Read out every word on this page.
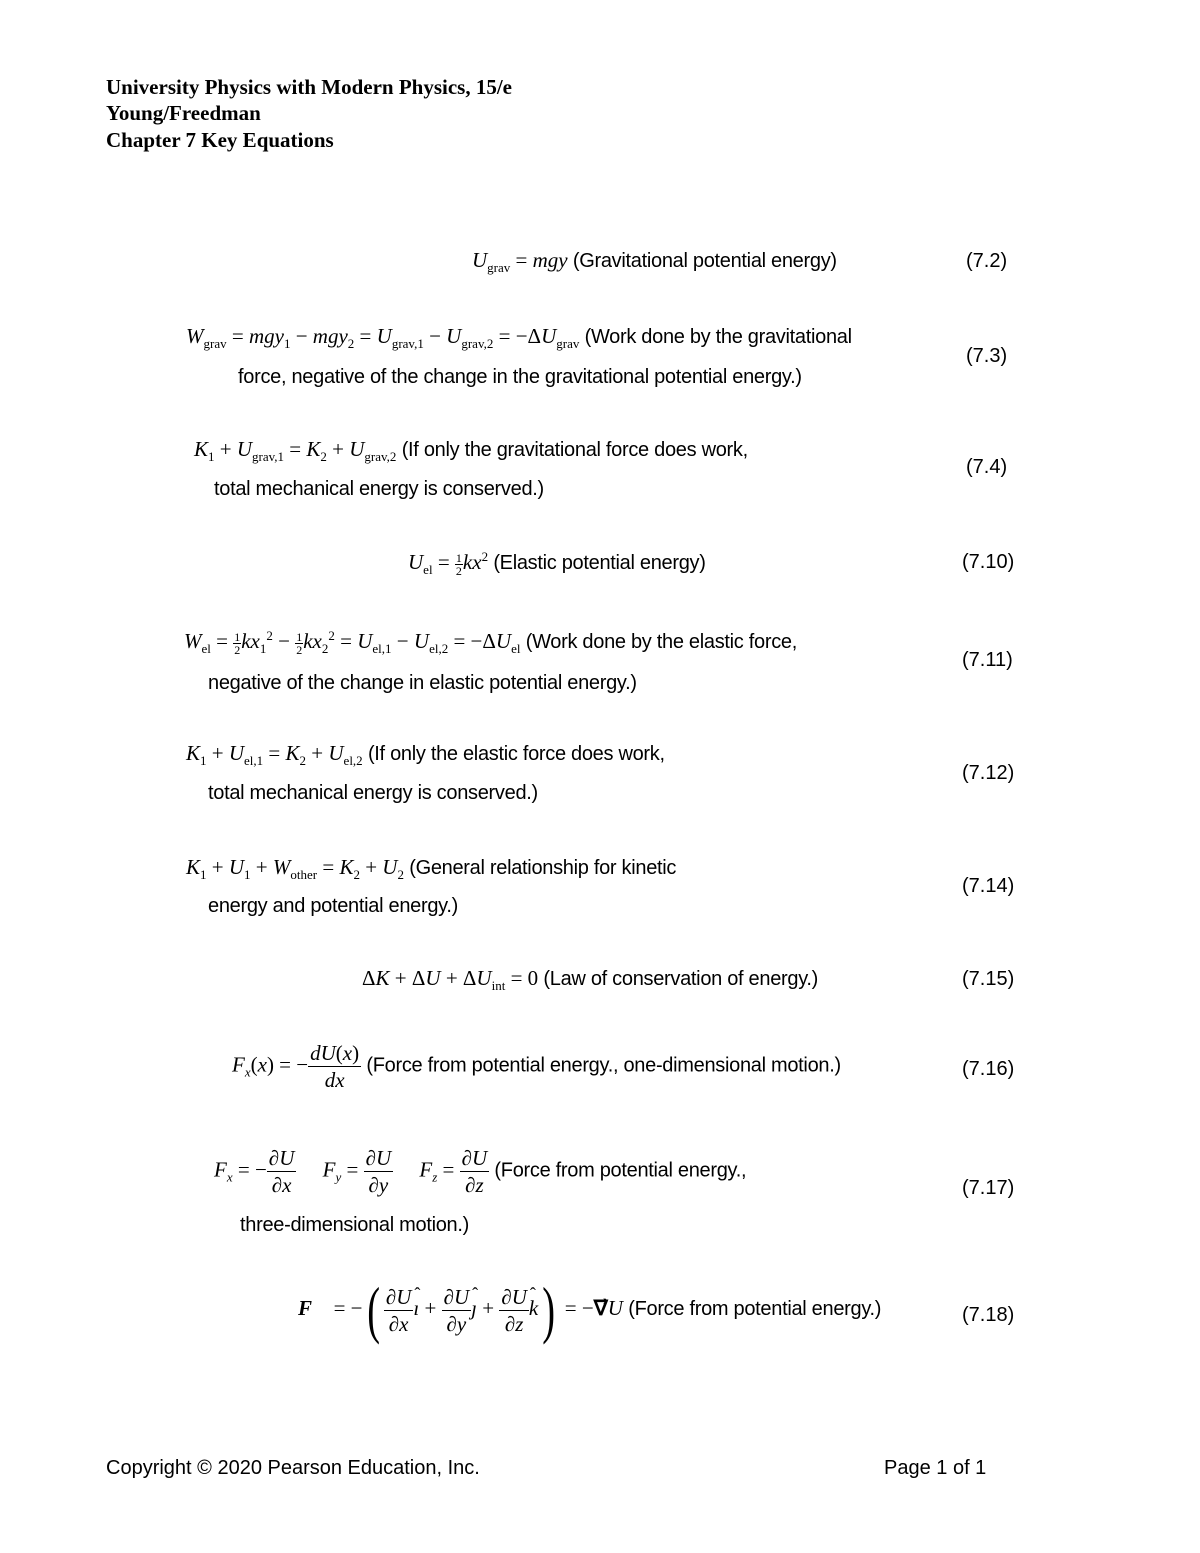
University Physics with Modern Physics, 15/e
Young/Freedman
Chapter 7 Key Equations
$U_{grav}$ = mgy (Gravitational potential energy)	(7.2)
$W_{grav} = mgy_1 - mgy_2 = U_{grav,1} - U_{grav,2} = -\Delta U_{grav}$ (Work done by the gravitational
force, negative of the change in the gravitational potential energy.)
(7.3)
$K_1 + U_{grav,1} = K_2 + U_{grav,2}$ (If only the gravitational force does work,
total mechanical energy is conserved.)
(7.4)
$U_{el} = \frac{1}{2} kx^2$ (Elastic potential energy)	(7.10)
$W_{el} = \frac{1}{2} kx_1^2 - \frac{1}{2} kx_2^2 = U_{el,1} - U_{el,2} = -\Delta U_{el}$ (Work done by the elastic force,
negative of the change in elastic potential energy.)
(7.11)
$K_1 + U_{el,1} = K_2 + U_{el,2}$ (If only the elastic force does work,
total mechanical energy is conserved.)
(7.12)
$K_1 + U_1 + W_{other} = K_2 + U_2$ (General relationship for kinetic
energy and potential energy.)
(7.14)
$\Delta K + \Delta U + \Delta U_{int} = 0$ (Law of conservation of energy.)	(7.15)
$F_x(x)$ = − $\frac{dU(x)}{dx}$ (Force from potential energy., one-dimensional motion.)	(7.16)
$F_x$ = − $\frac{\partial U}{\partial x} F_y = \frac{\partial U}{\partial y} F_z = \frac{\partial U}{\partial z}$ (Force from potential energy.,
three-dimensional motion.)
(7.17)
F⃗ = −( $\frac{\partial U}{\partial x}$ ˆ ı + $\frac{\partial U}{\partial y}$ ˆ ȷ + $\frac{\partial U}{\partial z}$ ˆ k) = −∇⃗U (Force from potential energy.)	(7.18)
Copyright © 2020 Pearson Education, Inc.	Page 1 of 1
